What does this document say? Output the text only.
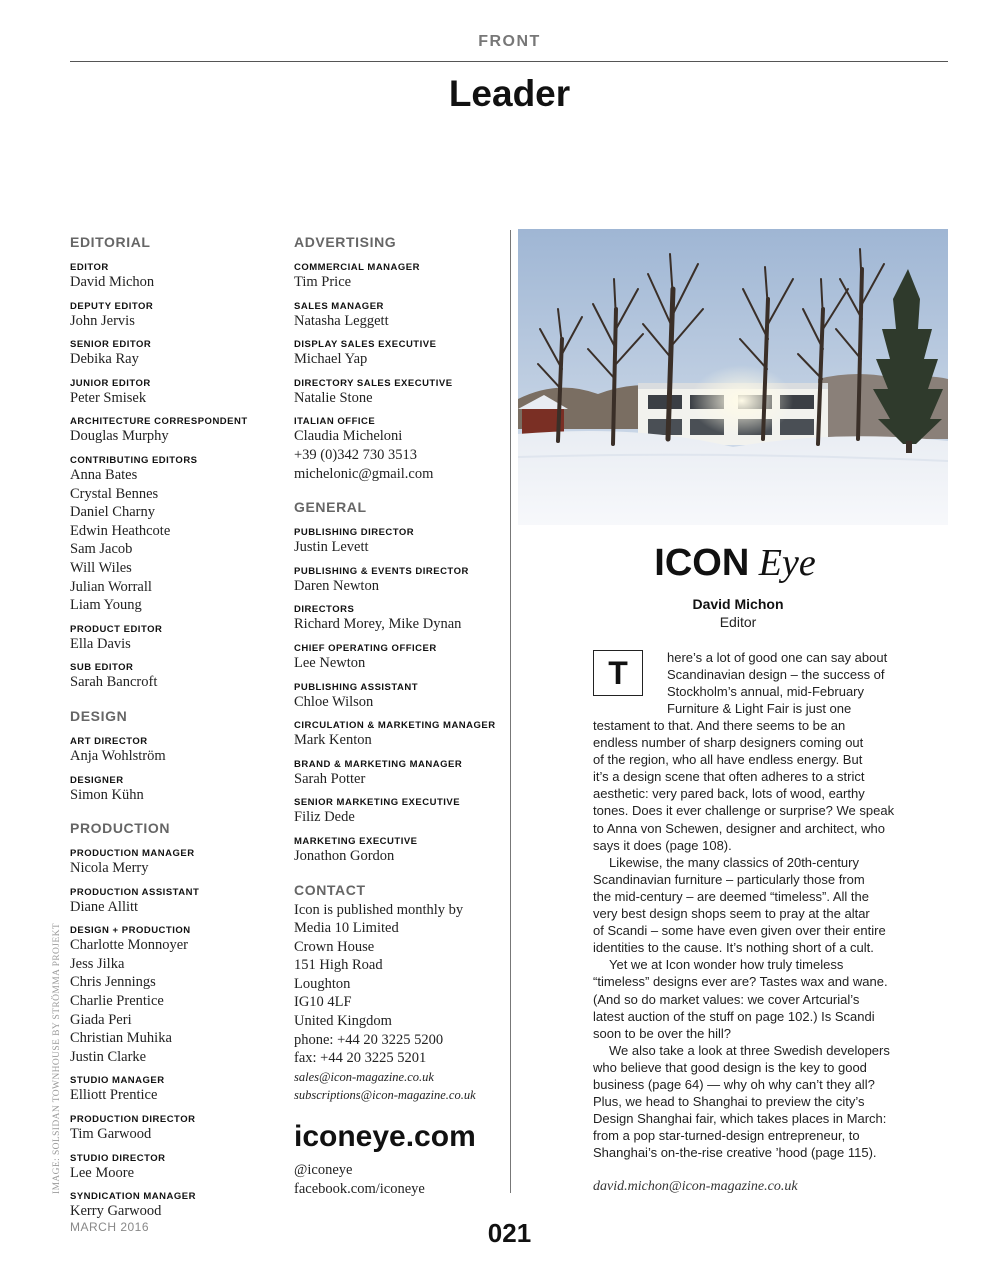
FRONT
Leader
EDITORIAL
EDITOR
David Michon
DEPUTY EDITOR
John Jervis
SENIOR EDITOR
Debika Ray
JUNIOR EDITOR
Peter Smisek
ARCHITECTURE CORRESPONDENT
Douglas Murphy
CONTRIBUTING EDITORS
Anna Bates
Crystal Bennes
Daniel Charny
Edwin Heathcote
Sam Jacob
Will Wiles
Julian Worrall
Liam Young
PRODUCT EDITOR
Ella Davis
SUB EDITOR
Sarah Bancroft
DESIGN
ART DIRECTOR
Anja Wohlström
DESIGNER
Simon Kühn
PRODUCTION
PRODUCTION MANAGER
Nicola Merry
PRODUCTION ASSISTANT
Diane Allitt
DESIGN + PRODUCTION
Charlotte Monnoyer
Jess Jilka
Chris Jennings
Charlie Prentice
Giada Peri
Christian Muhika
Justin Clarke
STUDIO MANAGER
Elliott Prentice
PRODUCTION DIRECTOR
Tim Garwood
STUDIO DIRECTOR
Lee Moore
SYNDICATION MANAGER
Kerry Garwood
ADVERTISING
COMMERCIAL MANAGER
Tim Price
SALES MANAGER
Natasha Leggett
DISPLAY SALES EXECUTIVE
Michael Yap
DIRECTORY SALES EXECUTIVE
Natalie Stone
ITALIAN OFFICE
Claudia Micheloni
+39 (0)342 730 3513
michelonic@gmail.com
GENERAL
PUBLISHING DIRECTOR
Justin Levett
PUBLISHING & EVENTS DIRECTOR
Daren Newton
DIRECTORS
Richard Morey, Mike Dynan
CHIEF OPERATING OFFICER
Lee Newton
PUBLISHING ASSISTANT
Chloe Wilson
CIRCULATION & MARKETING MANAGER
Mark Kenton
BRAND & MARKETING MANAGER
Sarah Potter
SENIOR MARKETING EXECUTIVE
Filiz Dede
MARKETING EXECUTIVE
Jonathon Gordon
CONTACT
Icon is published monthly by
Media 10 Limited
Crown House
151 High Road
Loughton
IG10 4LF
United Kingdom
phone: +44 20 3225 5200
fax: +44 20 3225 5201
sales@icon-magazine.co.uk
subscriptions@icon-magazine.co.uk
iconeye.com
@iconeye
facebook.com/iconeye
ICON Eye
David Michon
Editor
T	here’s a lot of good one can say about
Scandinavian design – the success of
Stockholm’s annual, mid-February
Furniture & Light Fair is just one
testament to that. And there seems to be an
endless number of sharp designers coming out
of the region, who all have endless energy. But
it’s a design scene that often adheres to a strict
aesthetic: very pared back, lots of wood, earthy
tones. Does it ever challenge or surprise? We speak
to Anna von Schewen, designer and architect, who
says it does (page 108).
Likewise, the many classics of 20th-century
Scandinavian furniture – particularly those from
the mid-century – are deemed “timeless”. All the
very best design shops seem to pray at the altar
of Scandi – some have even given over their entire
identities to the cause. It’s nothing short of a cult.
Yet we at Icon wonder how truly timeless
“timeless” designs ever are? Tastes wax and wane.
(And so do market values: we cover Artcurial’s
latest auction of the stuff on page 102.) Is Scandi
soon to be over the hill?
We also take a look at three Swedish developers
who believe that good design is the key to good
business (page 64) — why oh why can’t they all?
Plus, we head to Shanghai to preview the city’s
Design Shanghai fair, which takes places in March:
from a pop star-turned-design entrepreneur, to
Shanghai’s on-the-rise creative ’hood (page 115).
david.michon@icon-magazine.co.uk
IMAGE: SOLSIDAN TOWNHOUSE BY STRÖMMA PROJEKT
MARCH 2016	021
